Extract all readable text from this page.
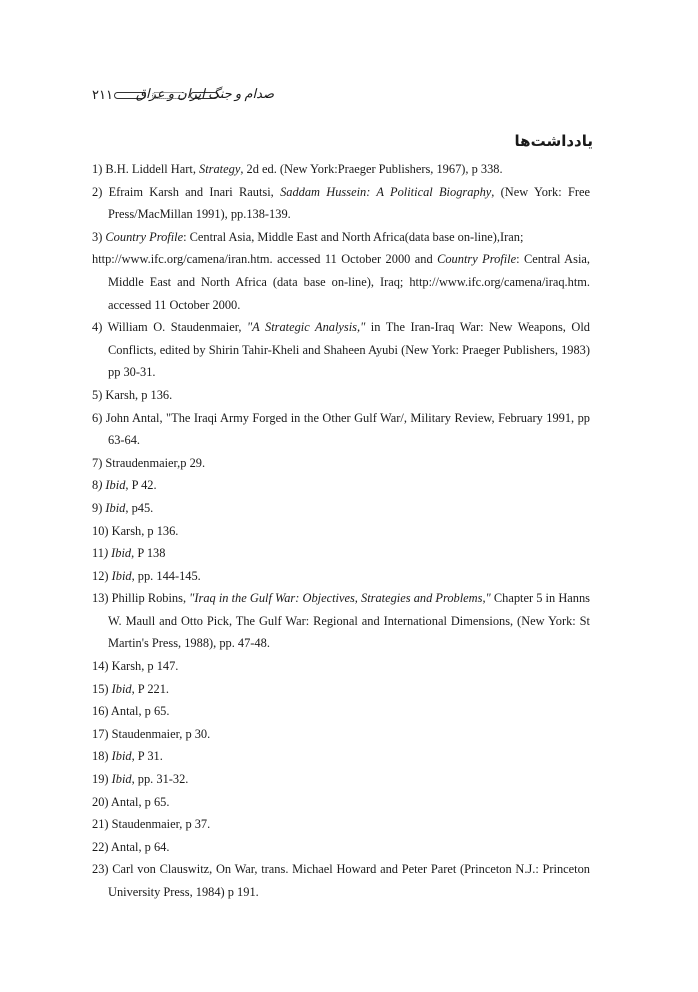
۲۱۱ صدام و جنگ ایران و عراق
یادداشت‌ها
1) B.H. Liddell Hart, Strategy, 2d ed. (New York:Praeger Publishers, 1967), p 338.
2) Efraim Karsh and Inari Rautsi, Saddam Hussein: A Political Biography, (New York: Free Press/MacMillan 1991), pp.138-139.
3) Country Profile: Central Asia, Middle East and North Africa(data base on-line),Iran;
http://www.ifc.org/camena/iran.htm. accessed 11 October 2000 and Country Profile: Central Asia, Middle East and North Africa (data base on-line), Iraq; http://www.ifc.org/camena/iraq.htm. accessed 11 October 2000.
4) William O. Staudenmaier, "A Strategic Analysis," in The Iran-Iraq War: New Weapons, Old Conflicts, edited by Shirin Tahir-Kheli and Shaheen Ayubi (New York: Praeger Publishers, 1983) pp 30-31.
5) Karsh, p 136.
6) John Antal, "The Iraqi Army Forged in the Other Gulf War/, Military Review, February 1991, pp 63-64.
7) Straudenmaier,p 29.
8) Ibid, P 42.
9) Ibid, p45.
10) Karsh, p 136.
11) Ibid, P 138
12) Ibid, pp. 144-145.
13) Phillip Robins, "Iraq in the Gulf War: Objectives, Strategies and Problems," Chapter 5 in Hanns W. Maull and Otto Pick, The Gulf War: Regional and International Dimensions, (New York: St Martin's Press, 1988), pp. 47-48.
14) Karsh, p 147.
15) Ibid, P 221.
16) Antal, p 65.
17) Staudenmaier, p 30.
18) Ibid, P 31.
19) Ibid, pp. 31-32.
20) Antal, p 65.
21) Staudenmaier, p 37.
22) Antal, p 64.
23) Carl von Clauswitz, On War, trans. Michael Howard and Peter Paret (Princeton N.J.: Princeton University Press, 1984) p 191.
